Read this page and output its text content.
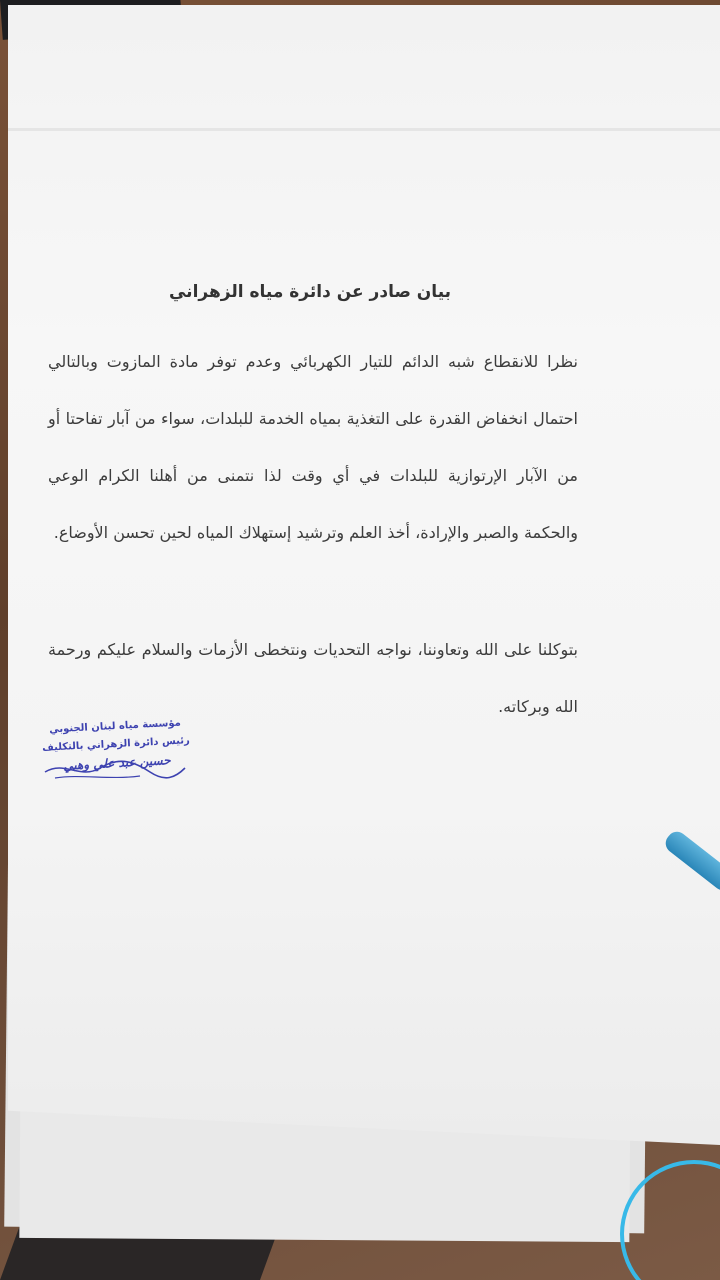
بيان صادر عن دائرة مياه الزهراني
نظرا للانقطاع شبه الدائم للتيار الكهربائي وعدم توفر مادة المازوت وبالتالي احتمال انخفاض القدرة على التغذية بمياه الخدمة للبلدات، سواء من آبار تفاحتا أو من الآبار الإرتوازية للبلدات في أي وقت لذا نتمنى من أهلنا الكرام الوعي والحكمة والصبر والإرادة، أخذ العلم وترشيد إستهلاك المياه لحين تحسن الأوضاع.
بتوكلنا على الله وتعاوننا، نواجه التحديات ونتخطى الأزمات والسلام عليكم ورحمة الله وبركاته.
مؤسسة مياه لبنان الجنوبي
رئيس دائرة الزهراني بالتكليف
حسين عبد علي وهبي
